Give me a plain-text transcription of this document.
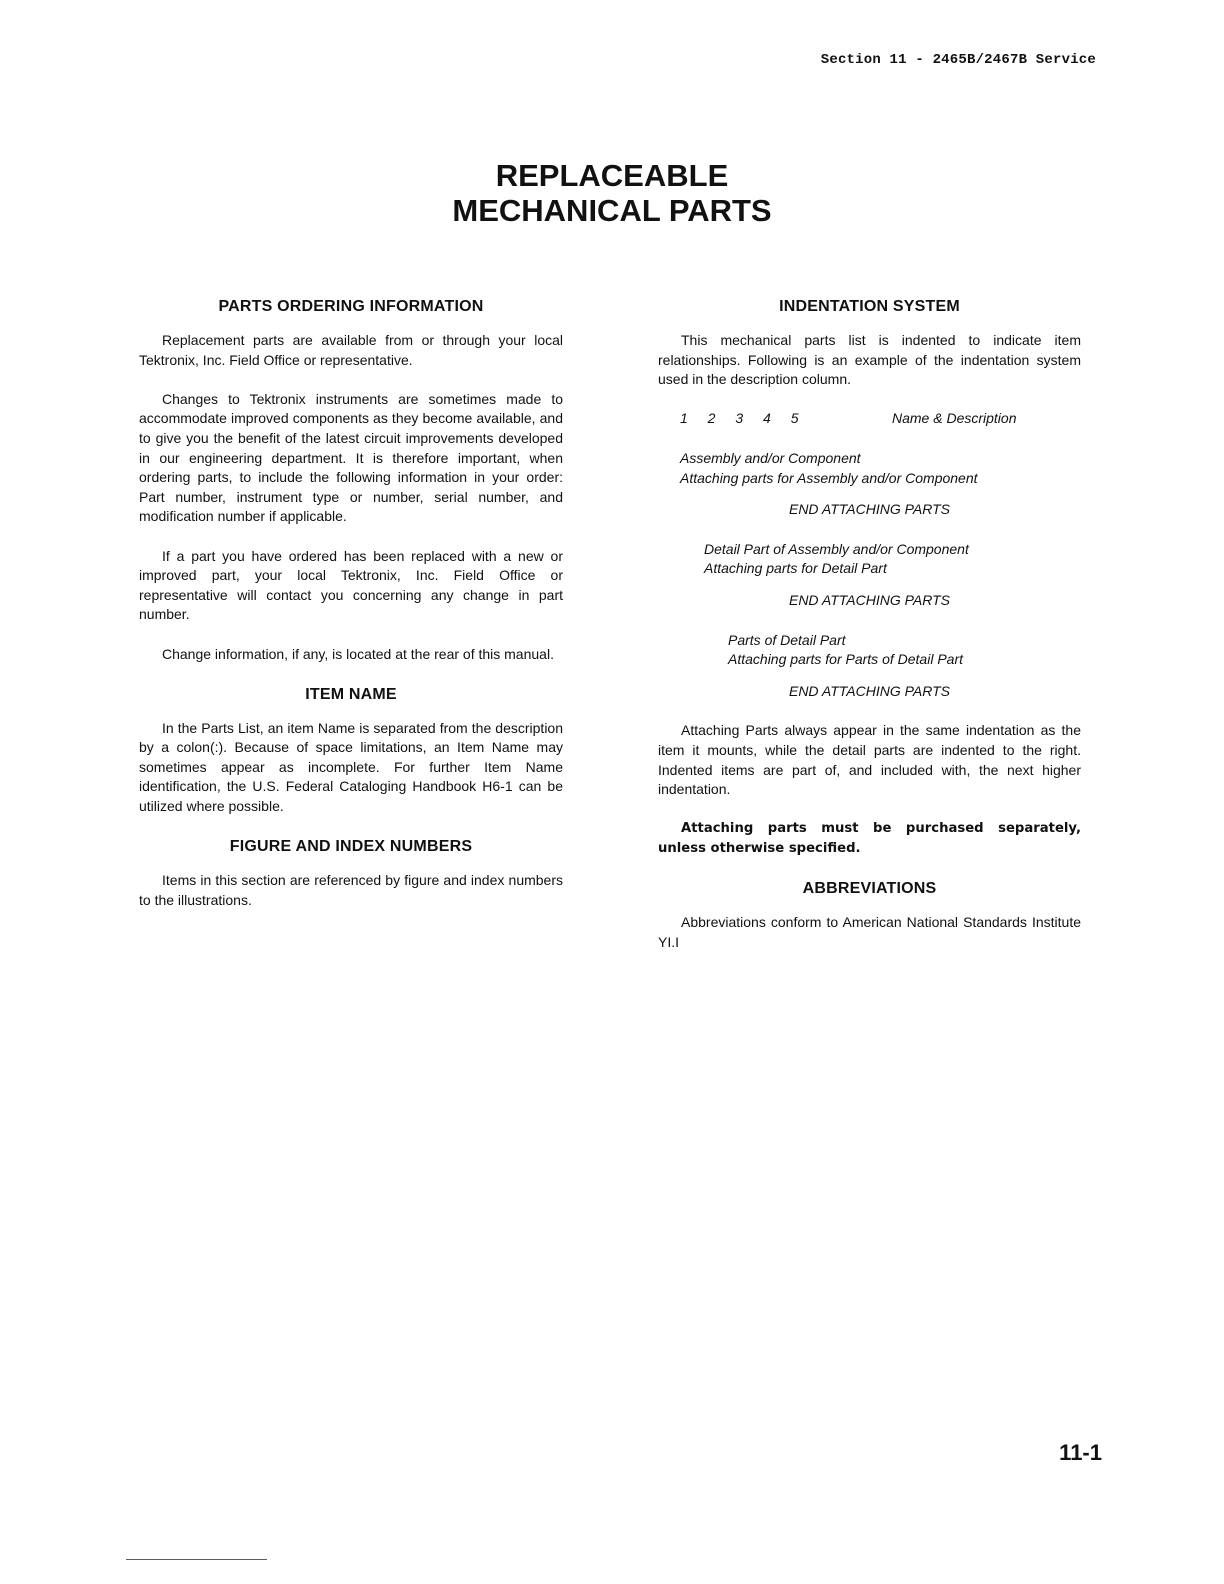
Section 11 - 2465B/2467B Service
REPLACEABLE
MECHANICAL PARTS
PARTS ORDERING INFORMATION

Replacement parts are available from or through your local Tektronix, Inc. Field Office or representative.

Changes to Tektronix instruments are sometimes made to accommodate improved components as they become available, and to give you the benefit of the latest circuit improvements developed in our engineering department. It is therefore important, when ordering parts, to include the following information in your order: Part number, instrument type or number, serial number, and modification number if applicable.

If a part you have ordered has been replaced with a new or improved part, your local Tektronix, Inc. Field Office or representative will contact you concerning any change in part number.

Change information, if any, is located at the rear of this manual.

ITEM NAME

In the Parts List, an item Name is separated from the description by a colon(:). Because of space limitations, an Item Name may sometimes appear as incomplete. For further Item Name identification, the U.S. Federal Cataloging Handbook H6-1 can be utilized where possible.

FIGURE AND INDEX NUMBERS

Items in this section are referenced by figure and index numbers to the illustrations.

INDENTATION SYSTEM

This mechanical parts list is indented to indicate item relationships. Following is an example of the indentation system used in the description column.

1 2 3 4 5	Name & Description
Assembly and/or Component
Attaching parts for Assembly and/or Component
END ATTACHING PARTS
Detail Part of Assembly and/or Component
Attaching parts for Detail Part
END ATTACHING PARTS
Parts of Detail Part
Attaching parts for Parts of Detail Part
END ATTACHING PARTS

Attaching Parts always appear in the same indentation as the item it mounts, while the detail parts are indented to the right. Indented items are part of, and included with, the next higher indentation.

Attaching parts must be purchased separately, unless otherwise specified.

ABBREVIATIONS

Abbreviations conform to American National Standards Institute YI.I

11-1
